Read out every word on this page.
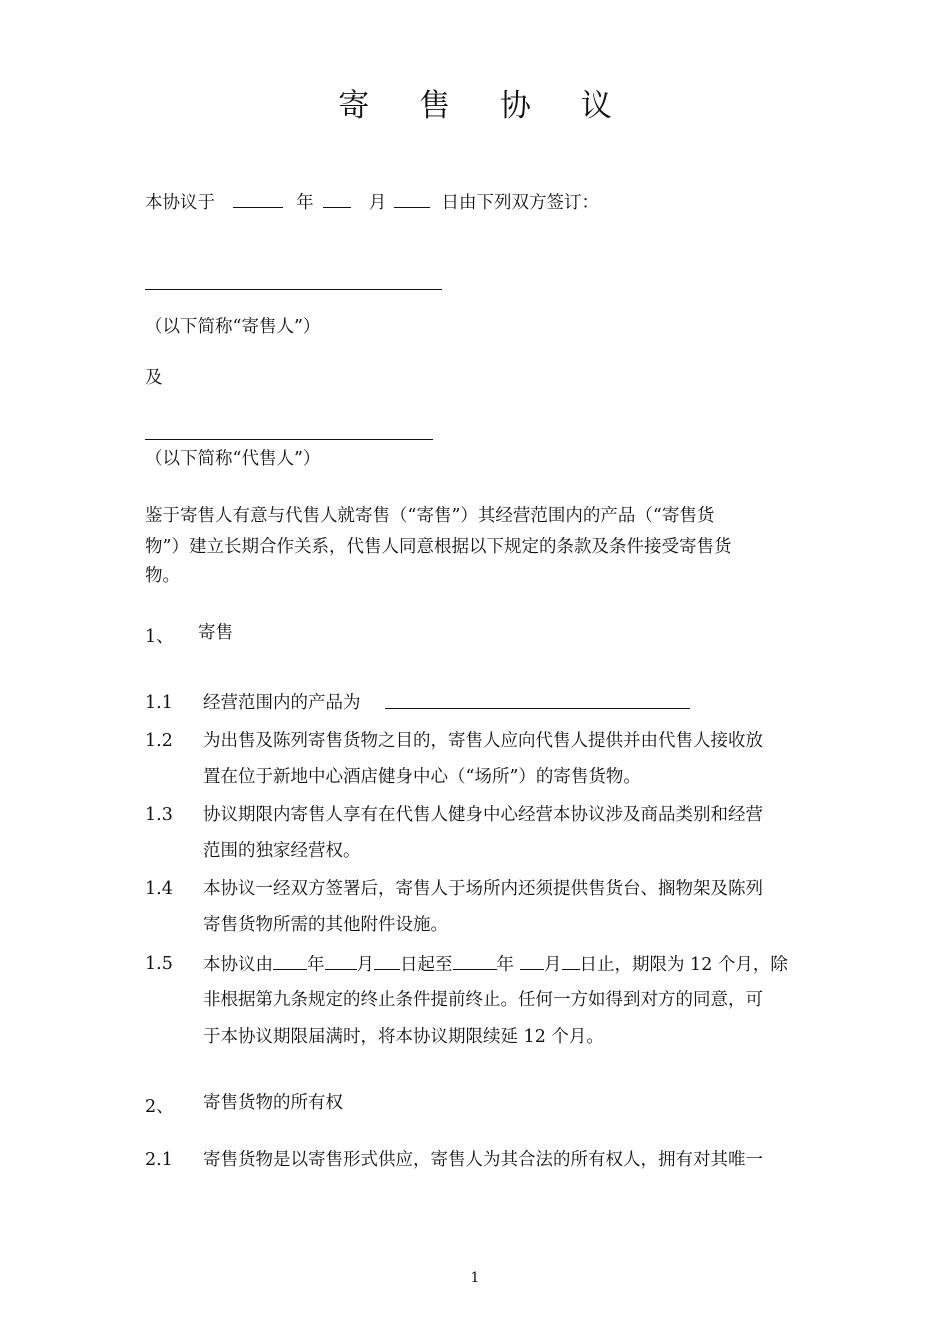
寄 售 协 议
本协议于	年	月	日由下列双方签订：
（以下简称“寄售人”）
及
（以下简称“代售人”）
鉴于寄售人有意与代售人就寄售（“寄售”）其经营范围内的产品（“寄售货
物”）建立长期合作关系，代售人同意根据以下规定的条款及条件接受寄售货
物。
1、 寄售
1.1 经营范围内的产品为
1.2 为出售及陈列寄售货物之目的，寄售人应向代售人提供并由代售人接收放
置在位于新地中心酒店健身中心（“场所”）的寄售货物。
1.3 协议期限内寄售人享有在代售人健身中心经营本协议涉及商品类别和经营
范围的独家经营权。
1.4 本协议一经双方签署后，寄售人于场所内还须提供售货台、搁物架及陈列
寄售货物所需的其他附件设施。
1.5 本协议由 年 月 日起至	年 月 日止，期限为 12 个月，除
非根据第九条规定的终止条件提前终止。任何一方如得到对方的同意，可
于本协议期限届满时，将本协议期限续延 12 个月。
2、 寄售货物的所有权
2.1 寄售货物是以寄售形式供应，寄售人为其合法的所有权人，拥有对其唯一
1
